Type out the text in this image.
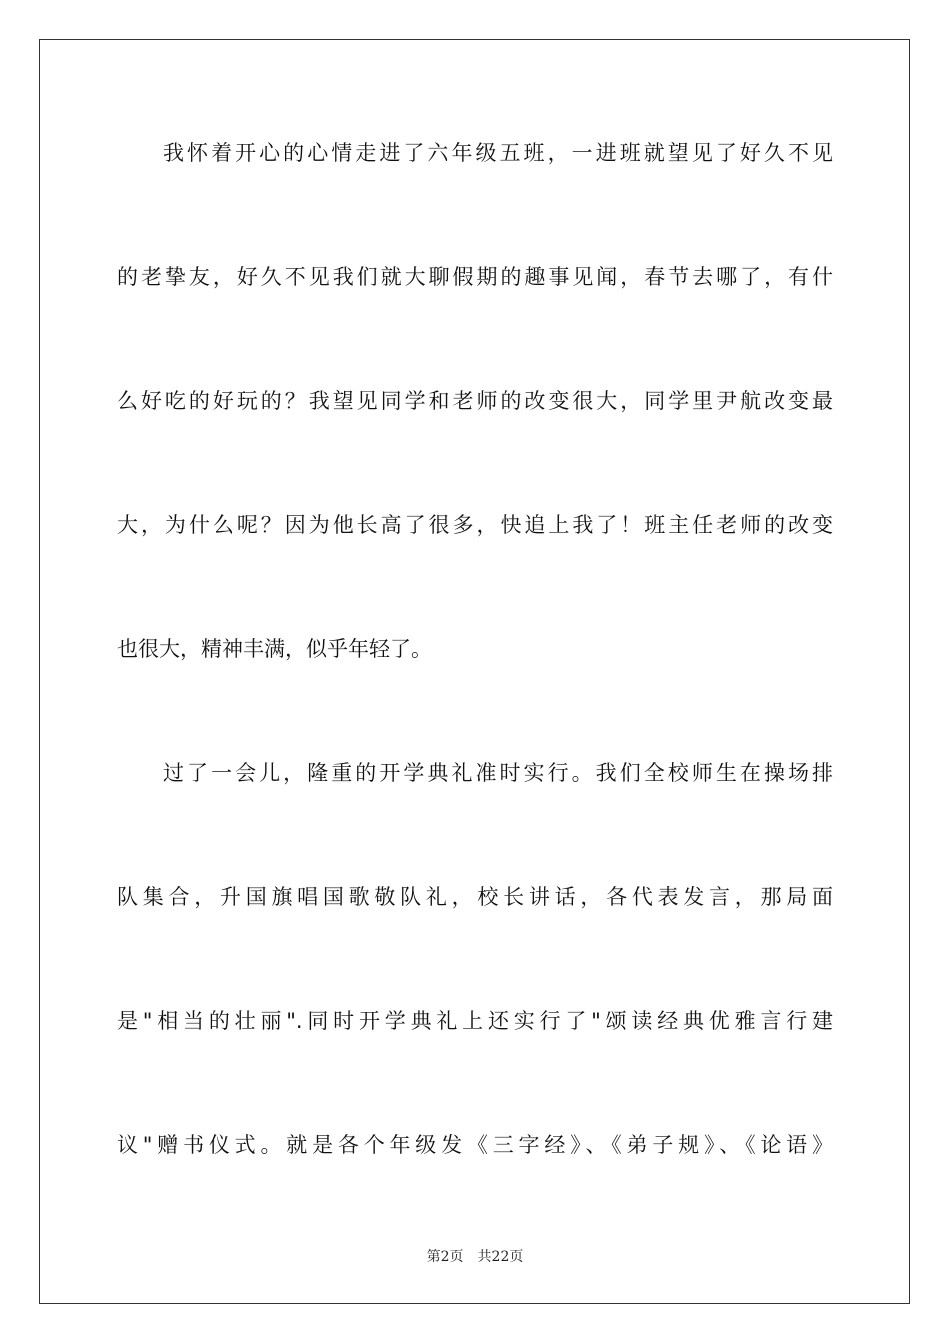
我怀着开心的心情走进了六年级五班，一进班就望见了好久不见
的老挚友，好久不见我们就大聊假期的趣事见闻，春节去哪了，有什
么好吃的好玩的？我望见同学和老师的改变很大，同学里尹航改变最
大，为什么呢？因为他长高了很多，快追上我了！班主任老师的改变
也很大，精神丰满，似乎年轻了。
过了一会儿，隆重的开学典礼准时实行。我们全校师生在操场排
队集合，升国旗唱国歌敬队礼，校长讲话，各代表发言，那局面
是"相当的壮丽".同时开学典礼上还实行了"颂读经典优雅言行建
议"赠书仪式。就是各个年级发《三字经》、《弟子规》、《论语》
第2页 共22页
